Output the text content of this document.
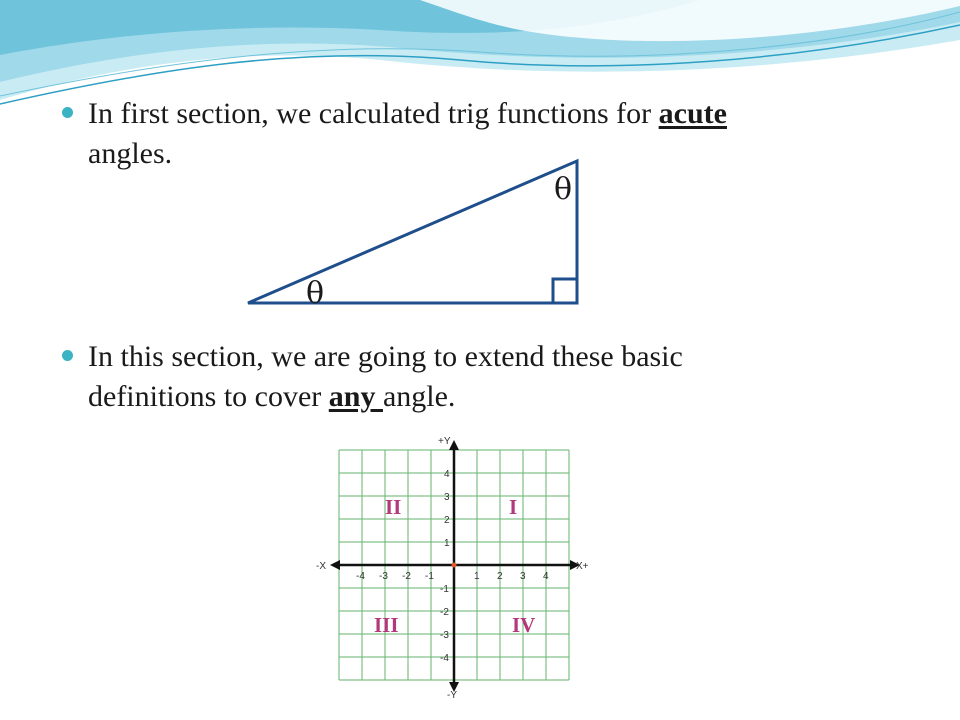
In first section, we calculated trig functions for acute
angles.
θ
θ
In this section, we are going to extend these basic
definitions to cover any angle.
X+
-X
+Y
-Y
-4 -3 -2 -1	1 2 3 4
4
3
2
1
-1
-2
-3
-4
I
II
III	IV
